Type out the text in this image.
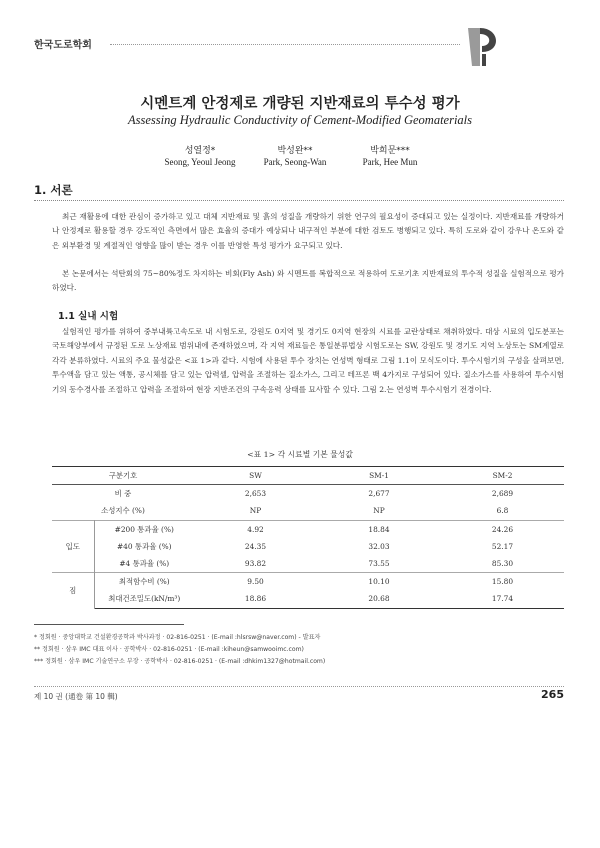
한국도로학회
시멘트계 안정제로 개량된 지반재료의 투수성 평가
Assessing Hydraulic Conductivity of Cement-Modified Geomaterials
성열정*
Seong, Yeoul Jeong
박성완**
Park, Seong-Wan
박희문***
Park, Hee Mun
1. 서론
최근 재활용에 대한 관심이 증가하고 있고 대체 지반재료 및 흙의 성질을 개량하기 위한 연구의 필요성이 증대되고 있는 실정이다. 지반재료를 개량하거나 안정제로 활용할 경우 강도적인 측면에서 많은 효율의 증대가 예상되나 내구적인 부분에 대한 검토도 병행되고 있다. 특히 도로와 같이 강우나 온도와 같은 외부환경 및 계절적인 영향을 많이 받는 경우 이를 반영한 특성 평가가 요구되고 있다.
본 논문에서는 석탄회의 75~80%정도 차지하는 비회(Fly Ash) 와 시멘트를 복합적으로 적용하여 도로기초 지반재료의 투수적 성질을 실험적으로 평가하였다.
1.1 실내 시험
실험적인 평가를 위하여 중부내륙고속도로 내 시험도로, 강원도 0지역 및 경기도 0지역 현장의 시료를 교란상태로 채취하였다. 대상 시료의 입도분포는 국토해양부에서 규정된 도로 노상재료 범위내에 존재하였으며, 각 지역 재료들은 통일분류법상 시험도로는 SW, 강원도 및 경기도 지역 노상토는 SM계열로 각각 분류하였다. 시료의 주요 물성값은 <표 1>과 같다. 시험에 사용된 투수 장치는 연성벽 형태로 그림 1.1이 모식도이다. 투수시험기의 구성을 살펴보면, 투수액을 담고 있는 액통, 공시체를 담고 있는 압력셀, 압력을 조절하는 질소가스, 그리고 테프론 백 4가지로 구성되어 있다. 질소가스를 사용하여 투수시험기의 동수경사를 조절하고 압력을 조절하여 현장 지반조건의 구속응력 상태를 묘사할 수 있다. 그림 2.는 연성벽 투수시험기 전경이다.
<표 1> 각 시료별 기본 물성값
구분기호		SW	SM-1	SM-2
비 중		2,653	2,677	2,689
소성지수 (%)		NP	NP	6.8
입도	#200 통과율 (%)	4.92	18.84	24.26
	#40 통과율 (%)	24.35	32.03	52.17
	#4 통과율 (%)	93.82	73.55	85.30
짐	최적함수비 (%)	9.50	10.10	15.80
	최대건조밀도(kN/m³)	18.86	20.68	17.74
* 정회원 · 중앙대학교 건설환경공학과 박사과정 · 02-816-0251 · (E-mail :hlsrsw@naver.com) - 발표자
** 정회원 · 삼우 IMC 대표 이사 · 공학박사 · 02-816-0251 · (E-mail :kiheun@samwooimc.com)
*** 정회원 · 삼우 IMC 기술연구소 부장 · 공학박사 · 02-816-0251 · (E-mail :dhkim1327@hotmail.com)
제 10 권 (通卷 第 10 輯)	265
